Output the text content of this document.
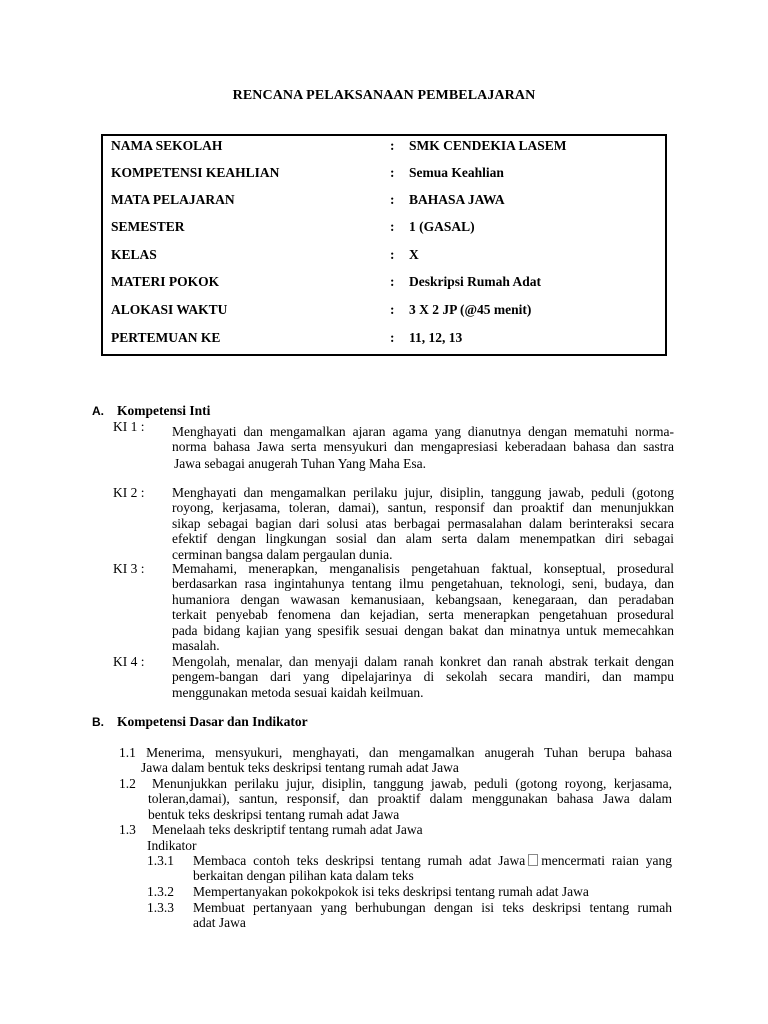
RENCANA PELAKSANAAN PEMBELAJARAN
NAMA SEKOLAH	: SMK CENDEKIA LASEM
KOMPETENSI KEAHLIAN	: Semua Keahlian
MATA PELAJARAN	: BAHASA JAWA
SEMESTER	: 1 (GASAL)
KELAS	: X
MATERI POKOK	: Deskripsi Rumah Adat
ALOKASI WAKTU	: 3 X 2 JP (@45 menit)
PERTEMUAN KE	: 11, 12, 13
A. Kompetensi Inti
KI 1 : Menghayati dan mengamalkan ajaran agama yang dianutnya dengan mematuhi norma-
norma bahasa Jawa serta mensyukuri dan mengapresiasi keberadaan bahasa dan sastra
Jawa sebagai anugerah Tuhan Yang Maha Esa.
KI 2 : Menghayati dan mengamalkan perilaku jujur, disiplin, tanggung jawab, peduli (gotong
royong, kerjasama, toleran, damai), santun, responsif dan proaktif dan menunjukkan
sikap sebagai bagian dari solusi atas berbagai permasalahan dalam berinteraksi secara
efektif dengan lingkungan sosial dan alam serta dalam menempatkan diri sebagai
cerminan bangsa dalam pergaulan dunia.
KI 3 : Memahami, menerapkan, menganalisis pengetahuan faktual, konseptual, prosedural
berdasarkan rasa ingintahunya tentang ilmu pengetahuan, teknologi, seni, budaya, dan
humaniora dengan wawasan kemanusiaan, kebangsaan, kenegaraan, dan peradaban
terkait penyebab fenomena dan kejadian, serta menerapkan pengetahuan prosedural
pada bidang kajian yang spesifik sesuai dengan bakat dan minatnya untuk memecahkan
masalah.
KI 4 : Mengolah, menalar, dan menyaji dalam ranah konkret dan ranah abstrak terkait dengan
pengem-bangan dari yang dipelajarinya di sekolah secara mandiri, dan mampu
menggunakan metoda sesuai kaidah keilmuan.
B. Kompetensi Dasar dan Indikator
1.1 Menerima, mensyukuri, menghayati, dan mengamalkan anugerah Tuhan berupa bahasa
Jawa dalam bentuk teks deskripsi tentang rumah adat Jawa
1.2 Menunjukkan perilaku jujur, disiplin, tanggung jawab, peduli (gotong royong, kerjasama,
toleran,damai), santun, responsif, dan proaktif dalam menggunakan bahasa Jawa dalam
bentuk teks deskripsi tentang rumah adat Jawa
1.3 Menelaah teks deskriptif tentang rumah adat Jawa
Indikator
1.3.1 Membaca contoh teks deskripsi tentang rumah adat Jawa mencermati raian yang
berkaitan dengan pilihan kata dalam teks
1.3.2 Mempertanyakan pokokpokok isi teks deskripsi tentang rumah adat Jawa
1.3.3 Membuat pertanyaan yang berhubungan dengan isi teks deskripsi tentang rumah
adat Jawa
